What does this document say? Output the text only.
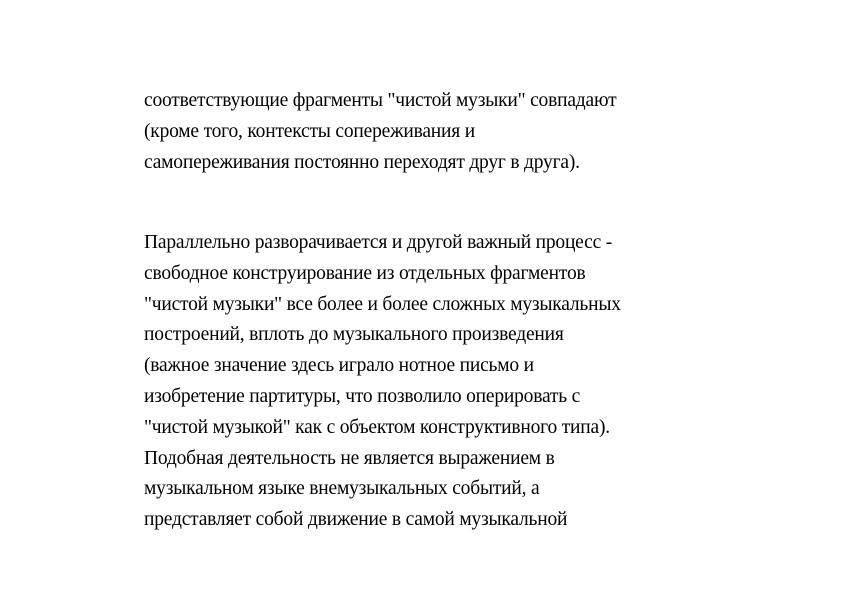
соответствующие фрагменты "чистой музыки" совпадают
(кроме того, контексты сопереживания и
самопереживания постоянно переходят друг в друга).
Параллельно разворачивается и другой важный процесс -
свободное конструирование из отдельных фрагментов
"чистой музыки" все более и более сложных музыкальных
построений, вплоть до музыкального произведения
(важное значение здесь играло нотное письмо и
изобретение партитуры, что позволило оперировать с
"чистой музыкой" как с объектом конструктивного типа).
Подобная деятельность не является выражением в
музыкальном языке внемузыкальных событий, а
представляет собой движение в самой музыкальной
